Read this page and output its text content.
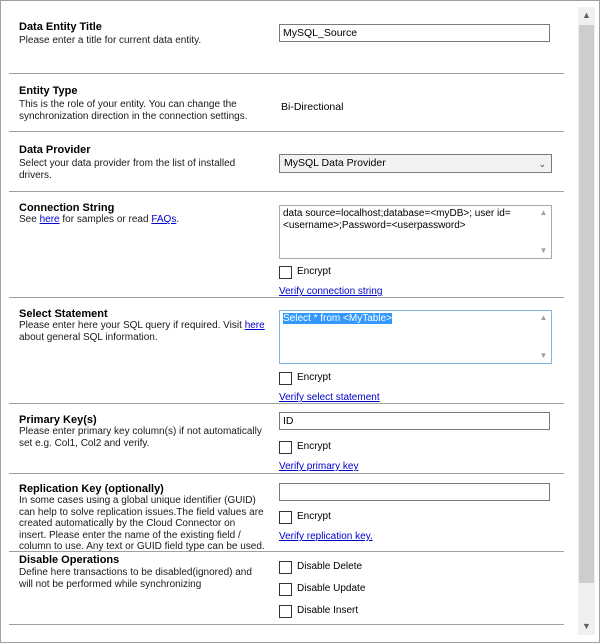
Data Entity Title
Please enter a title for current data entity.
MySQL_Source
Entity Type
This is the role of your entity. You can change the synchronization direction in the connection settings.
Bi-Directional
Data Provider
Select your data provider from the list of installed drivers.
MySQL Data Provider	⌄
Connection String
See here for samples or read FAQs.
data source=localhost;database=<myDB>; user id=<username>;Password=<userpassword>
▲
▼
Encrypt
Verify connection string
Select Statement
Please enter here your SQL query if required. Visit here about general SQL information.
Select * from <MyTable>	▲
▼
Encrypt
Verify select statement
Primary Key(s)
Please enter primary key column(s) if not automatically set e.g. Col1, Col2 and verify.
ID
Encrypt
Verify primary key
Replication Key (optionally)
In some cases using a global unique identifier (GUID) can help to solve replication issues.The field values are created automatically by the Cloud Connector on insert. Please enter the name of the existing field / column to use. Any text or GUID field type can be used.
Encrypt
Verify replication key.
Disable Operations
Define here transactions to be disabled(ignored) and will not be performed while synchronizing
Disable Delete
Disable Update
Disable Insert
▲
▼
